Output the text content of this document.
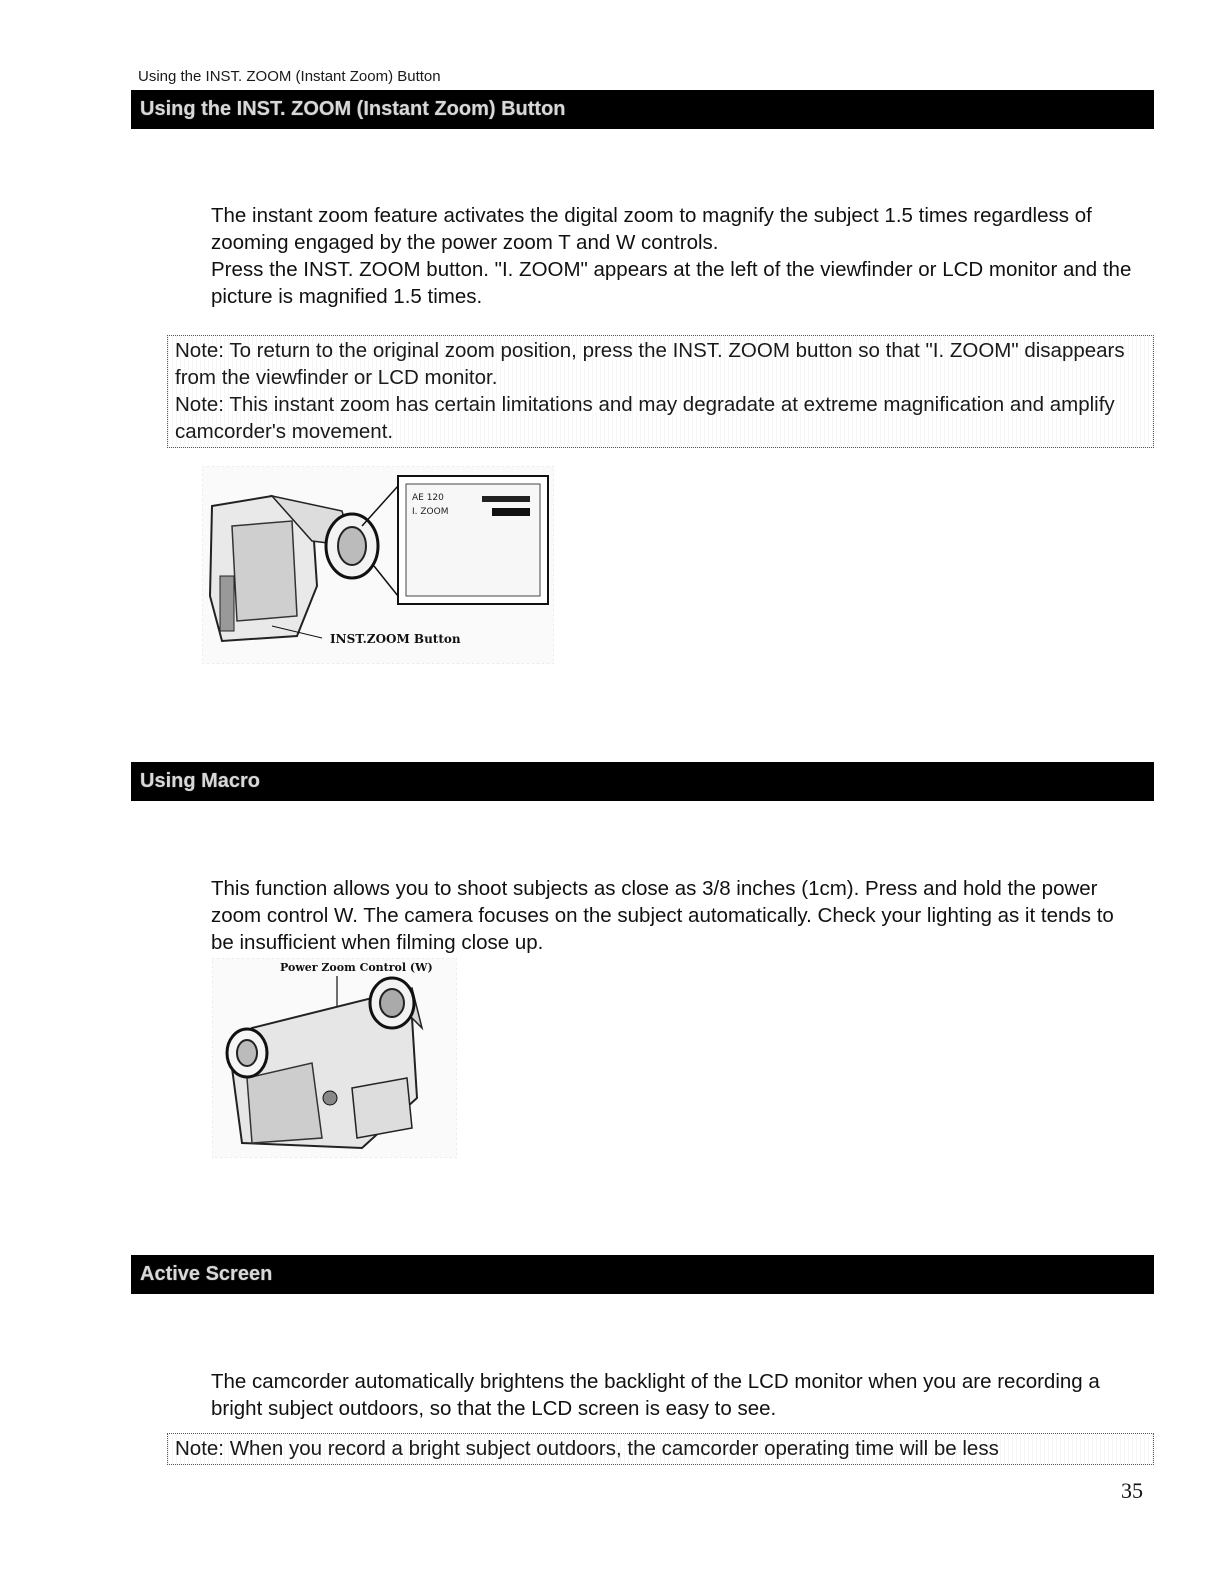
Using the INST. ZOOM (Instant Zoom) Button
Using the INST. ZOOM (Instant Zoom) Button

The instant zoom feature activates the digital zoom to magnify the subject 1.5 times regardless of zooming engaged by the power zoom T and W controls.

Press the INST. ZOOM button. "I. ZOOM" appears at the left of the viewfinder or LCD monitor and the picture is magnified 1.5 times.

Note: To return to the original zoom position, press the INST. ZOOM button so that "I. ZOOM" disappears from the viewfinder or LCD monitor.

Note: This instant zoom has certain limitations and may degradate at extreme magnification and amplify camcorder's movement.

AE 120
I. ZOOM
INST.ZOOM Button
Using Macro

This function allows you to shoot subjects as close as 3/8 inches (1cm). Press and hold the power zoom control W. The camera focuses on the subject automatically. Check your lighting as it tends to be insufficient when filming close up.

Power Zoom Control (W)
Active Screen

The camcorder automatically brightens the backlight of the LCD monitor when you are recording a bright subject outdoors, so that the LCD screen is easy to see.

Note: When you record a bright subject outdoors, the camcorder operating time will be less

35
